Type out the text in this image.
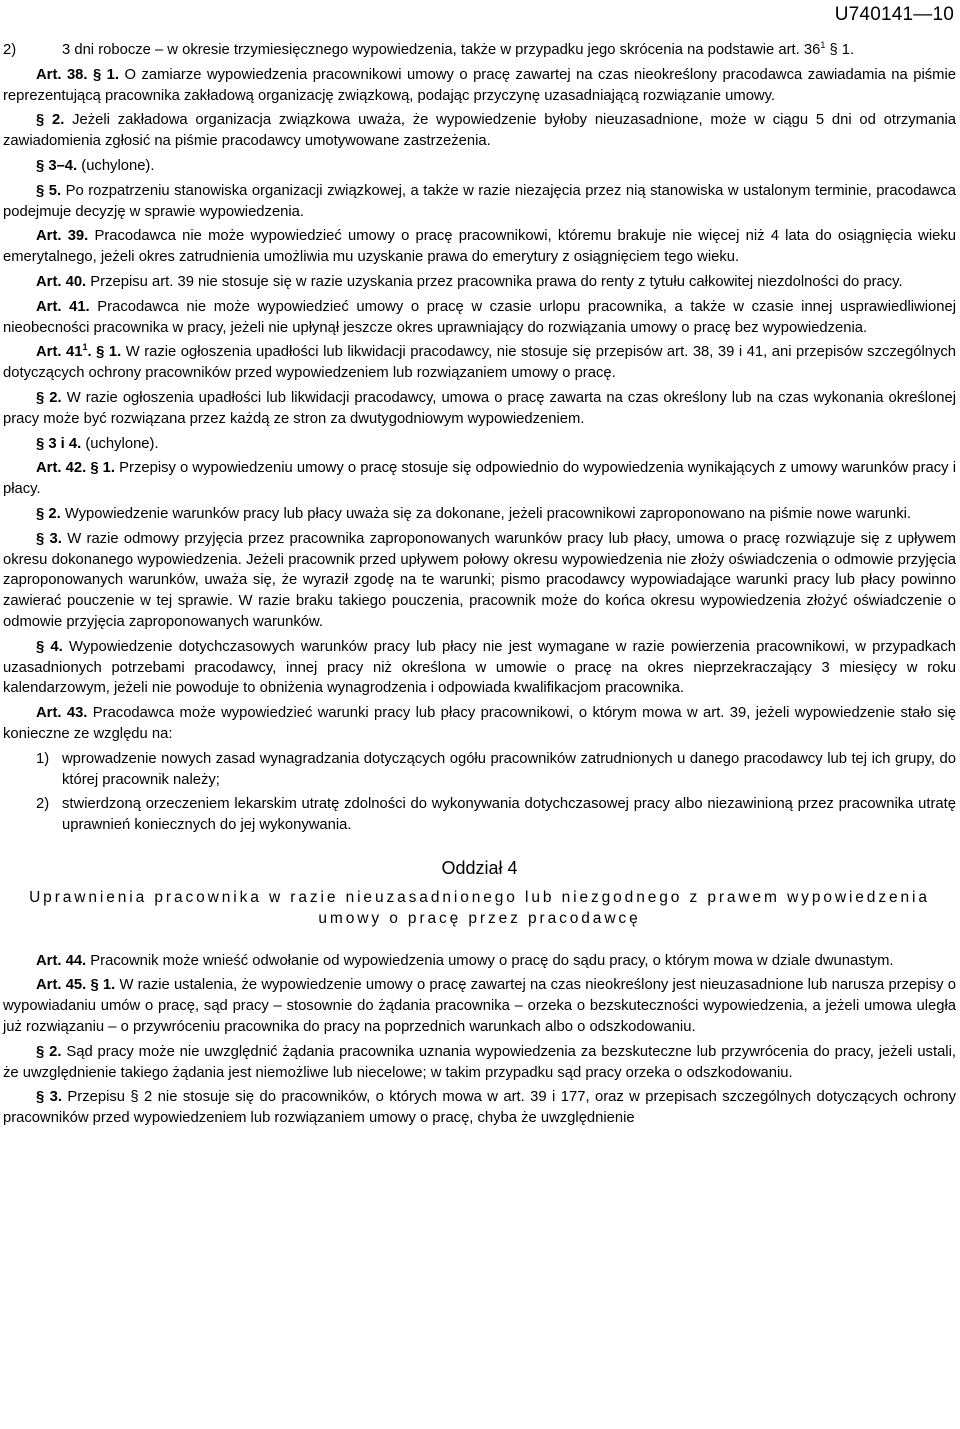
U740141—10
2)	3 dni robocze – w okresie trzymiesięcznego wypowiedzenia, także w przypadku jego skrócenia na podstawie art. $36^1$ § 1.

Art. 38. § 1. O zamiarze wypowiedzenia pracownikowi umowy o pracę zawartej na czas nieokreślony pracodawca zawiadamia na piśmie reprezentującą pracownika zakładową organizację związkową, podając przyczynę uzasadniającą rozwiązanie umowy.

§ 2. Jeżeli zakładowa organizacja związkowa uważa, że wypowiedzenie byłoby nieuzasadnione, może w ciągu 5 dni od otrzymania zawiadomienia zgłosić na piśmie pracodawcy umotywowane zastrzeżenia.

§ 3–4. (uchylone).

§ 5. Po rozpatrzeniu stanowiska organizacji związkowej, a także w razie niezajęcia przez nią stanowiska w ustalonym terminie, pracodawca podejmuje decyzję w sprawie wypowiedzenia.

Art. 39. Pracodawca nie może wypowiedzieć umowy o pracę pracownikowi, któremu brakuje nie więcej niż 4 lata do osiągnięcia wieku emerytalnego, jeżeli okres zatrudnienia umożliwia mu uzyskanie prawa do emerytury z osiągnięciem tego wieku.

Art. 40. Przepisu art. 39 nie stosuje się w razie uzyskania przez pracownika prawa do renty z tytułu całkowitej niezdolności do pracy.

Art. 41. Pracodawca nie może wypowiedzieć umowy o pracę w czasie urlopu pracownika, a także w czasie innej usprawiedliwionej nieobecności pracownika w pracy, jeżeli nie upłynął jeszcze okres uprawniający do rozwiązania umowy o pracę bez wypowiedzenia.

Art. $41^1$. § 1. W razie ogłoszenia upadłości lub likwidacji pracodawcy, nie stosuje się przepisów art. 38, 39 i 41, ani przepisów szczególnych dotyczących ochrony pracowników przed wypowiedzeniem lub rozwiązaniem umowy o pracę.

§ 2. W razie ogłoszenia upadłości lub likwidacji pracodawcy, umowa o pracę zawarta na czas określony lub na czas wykonania określonej pracy może być rozwiązana przez każdą ze stron za dwutygodniowym wypowiedzeniem.

§ 3 i 4. (uchylone).

Art. 42. § 1. Przepisy o wypowiedzeniu umowy o pracę stosuje się odpowiednio do wypowiedzenia wynikających z umowy warunków pracy i płacy.

§ 2. Wypowiedzenie warunków pracy lub płacy uważa się za dokonane, jeżeli pracownikowi zaproponowano na piśmie nowe warunki.

§ 3. W razie odmowy przyjęcia przez pracownika zaproponowanych warunków pracy lub płacy, umowa o pracę rozwiązuje się z upływem okresu dokonanego wypowiedzenia. Jeżeli pracownik przed upływem połowy okresu wypowiedzenia nie złoży oświadczenia o odmowie przyjęcia zaproponowanych warunków, uważa się, że wyraził zgodę na te warunki; pismo pracodawcy wypowiadające warunki pracy lub płacy powinno zawierać pouczenie w tej sprawie. W razie braku takiego pouczenia, pracownik może do końca okresu wypowiedzenia złożyć oświadczenie o odmowie przyjęcia zaproponowanych warunków.

§ 4. Wypowiedzenie dotychczasowych warunków pracy lub płacy nie jest wymagane w razie powierzenia pracownikowi, w przypadkach uzasadnionych potrzebami pracodawcy, innej pracy niż określona w umowie o pracę na okres nieprzekraczający 3 miesięcy w roku kalendarzowym, jeżeli nie powoduje to obniżenia wynagrodzenia i odpowiada kwalifikacjom pracownika.

Art. 43. Pracodawca może wypowiedzieć warunki pracy lub płacy pracownikowi, o którym mowa w art. 39, jeżeli wypowiedzenie stało się konieczne ze względu na:

1) wprowadzenie nowych zasad wynagradzania dotyczących ogółu pracowników zatrudnionych u danego pracodawcy lub tej ich grupy, do której pracownik należy;
2) stwierdzoną orzeczeniem lekarskim utratę zdolności do wykonywania dotychczasowej pracy albo niezawinioną przez pracownika utratę uprawnień koniecznych do jej wykonywania.
Oddział 4
Uprawnienia pracownika w razie nieuzasadnionego lub niezgodnego z prawem wypowiedzenia umowy o pracę przez pracodawcę

Art. 44. Pracownik może wnieść odwołanie od wypowiedzenia umowy o pracę do sądu pracy, o którym mowa w dziale dwunastym.

Art. 45. § 1. W razie ustalenia, że wypowiedzenie umowy o pracę zawartej na czas nieokreślony jest nieuzasadnione lub narusza przepisy o wypowiadaniu umów o pracę, sąd pracy – stosownie do żądania pracownika – orzeka o bezskuteczności wypowiedzenia, a jeżeli umowa uległa już rozwiązaniu – o przywróceniu pracownika do pracy na poprzednich warunkach albo o odszkodowaniu.

§ 2. Sąd pracy może nie uwzględnić żądania pracownika uznania wypowiedzenia za bezskuteczne lub przywrócenia do pracy, jeżeli ustali, że uwzględnienie takiego żądania jest niemożliwe lub niecelowe; w takim przypadku sąd pracy orzeka o odszkodowaniu.

§ 3. Przepisu § 2 nie stosuje się do pracowników, o których mowa w art. 39 i 177, oraz w przepisach szczególnych dotyczących ochrony pracowników przed wypowiedzeniem lub rozwiązaniem umowy o pracę, chyba że uwzględnienie
